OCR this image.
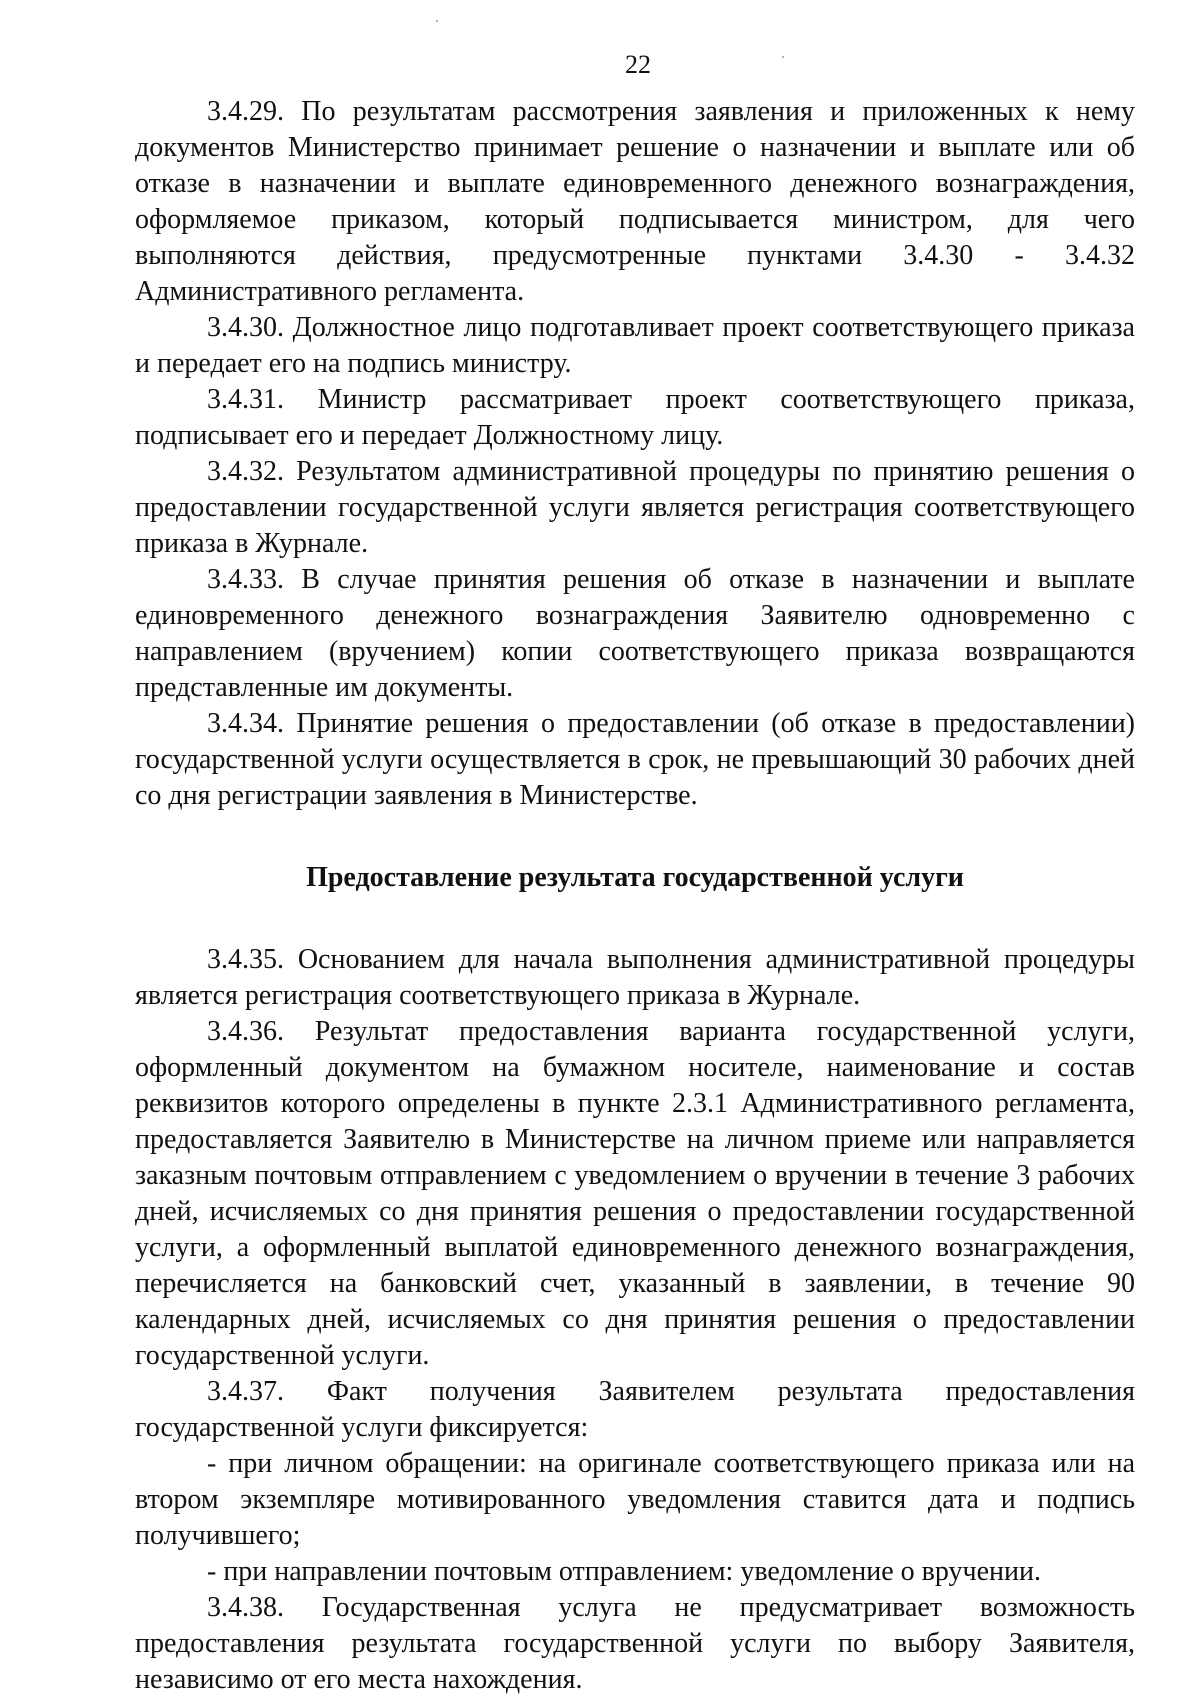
22

3.4.29. По результатам рассмотрения заявления и приложенных к нему документов Министерство принимает решение о назначении и выплате или об отказе в назначении и выплате единовременного денежного вознаграждения, оформляемое приказом, который подписывается министром, для чего выполняются действия, предусмотренные пунктами 3.4.30 - 3.4.32 Административного регламента.

3.4.30. Должностное лицо подготавливает проект соответствующего приказа и передает его на подпись министру.

3.4.31. Министр рассматривает проект соответствующего приказа, подписывает его и передает Должностному лицу.

3.4.32. Результатом административной процедуры по принятию решения о предоставлении государственной услуги является регистрация соответствующего приказа в Журнале.

3.4.33. В случае принятия решения об отказе в назначении и выплате единовременного денежного вознаграждения Заявителю одновременно с направлением (вручением) копии соответствующего приказа возвращаются представленные им документы.

3.4.34. Принятие решения о предоставлении (об отказе в предоставлении) государственной услуги осуществляется в срок, не превышающий 30 рабочих дней со дня регистрации заявления в Министерстве.

Предоставление результата государственной услуги

3.4.35. Основанием для начала выполнения административной процедуры является регистрация соответствующего приказа в Журнале.

3.4.36. Результат предоставления варианта государственной услуги, оформленный документом на бумажном носителе, наименование и состав реквизитов которого определены в пункте 2.3.1 Административного регламента, предоставляется Заявителю в Министерстве на личном приеме или направляется заказным почтовым отправлением с уведомлением о вручении в течение 3 рабочих дней, исчисляемых со дня принятия решения о предоставлении государственной услуги, а оформленный выплатой единовременного денежного вознаграждения, перечисляется на банковский счет, указанный в заявлении, в течение 90 календарных дней, исчисляемых со дня принятия решения о предоставлении государственной услуги.

3.4.37. Факт получения Заявителем результата предоставления государственной услуги фиксируется:

- при личном обращении: на оригинале соответствующего приказа или на втором экземпляре мотивированного уведомления ставится дата и подпись получившего;

- при направлении почтовым отправлением: уведомление о вручении.

3.4.38. Государственная услуга не предусматривает возможность предоставления результата государственной услуги по выбору Заявителя, независимо от его места нахождения.
